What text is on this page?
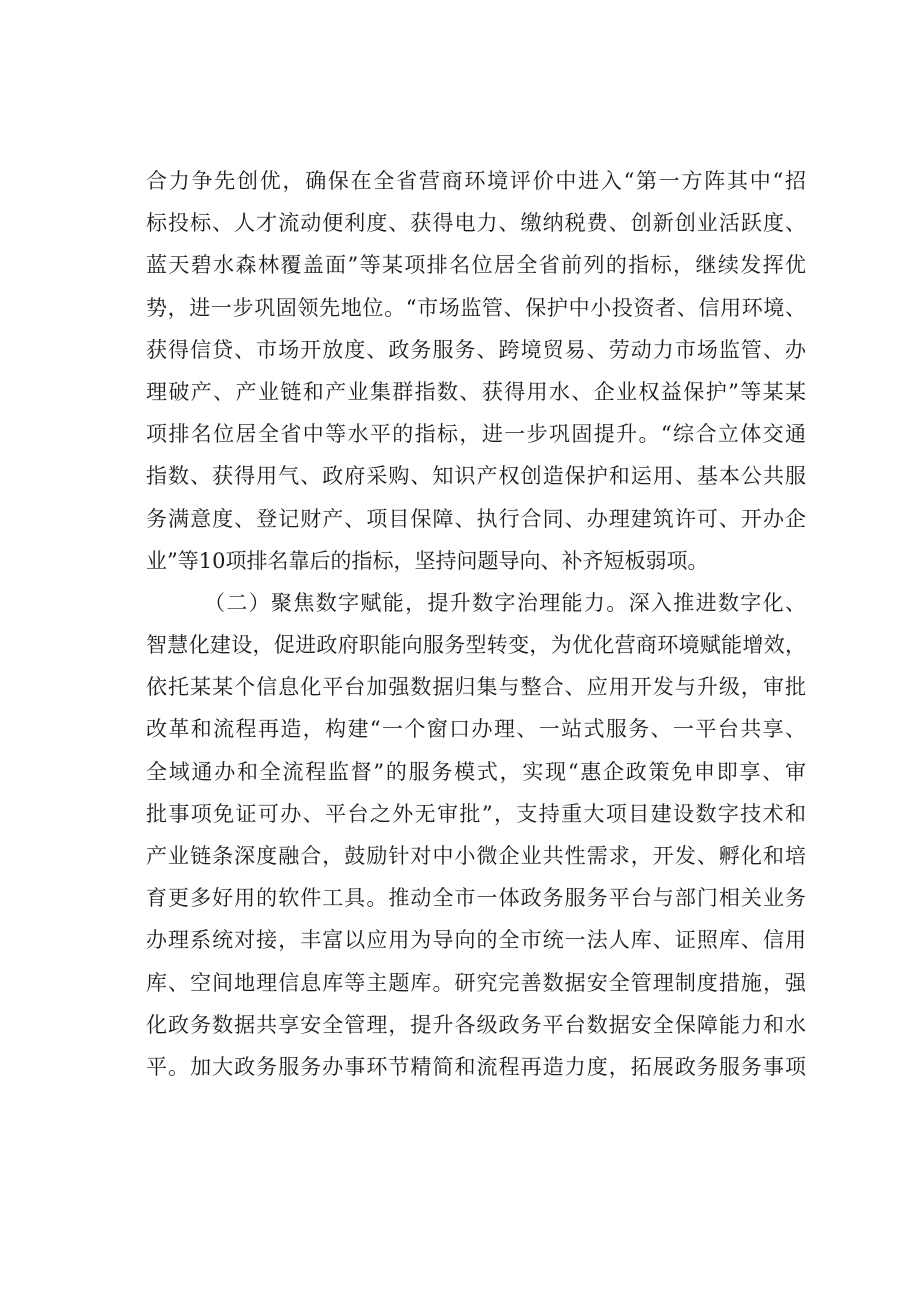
合力争先创优，确保在全省营商环境评价中进入“第一方阵其中“招
标投标、人才流动便利度、获得电力、缴纳税费、创新创业活跃度、
蓝天碧水森林覆盖面”等某项排名位居全省前列的指标，继续发挥优
势，进一步巩固领先地位。“市场监管、保护中小投资者、信用环境、
获得信贷、市场开放度、政务服务、跨境贸易、劳动力市场监管、办
理破产、产业链和产业集群指数、获得用水、企业权益保护”等某某
项排名位居全省中等水平的指标，进一步巩固提升。“综合立体交通
指数、获得用气、政府采购、知识产权创造保护和运用、基本公共服
务满意度、登记财产、项目保障、执行合同、办理建筑许可、开办企
业”等10项排名靠后的指标，坚持问题导向、补齐短板弱项。
（二）聚焦数字赋能，提升数字治理能力。深入推进数字化、
智慧化建设，促进政府职能向服务型转变，为优化营商环境赋能增效，
依托某某个信息化平台加强数据归集与整合、应用开发与升级，审批
改革和流程再造，构建“一个窗口办理、一站式服务、一平台共享、
全域通办和全流程监督”的服务模式，实现“惠企政策免申即享、审
批事项免证可办、平台之外无审批”，支持重大项目建设数字技术和
产业链条深度融合，鼓励针对中小微企业共性需求，开发、孵化和培
育更多好用的软件工具。推动全市一体政务服务平台与部门相关业务
办理系统对接，丰富以应用为导向的全市统一法人库、证照库、信用
库、空间地理信息库等主题库。研究完善数据安全管理制度措施，强
化政务数据共享安全管理，提升各级政务平台数据安全保障能力和水
平。加大政务服务办事环节精简和流程再造力度，拓展政务服务事项
